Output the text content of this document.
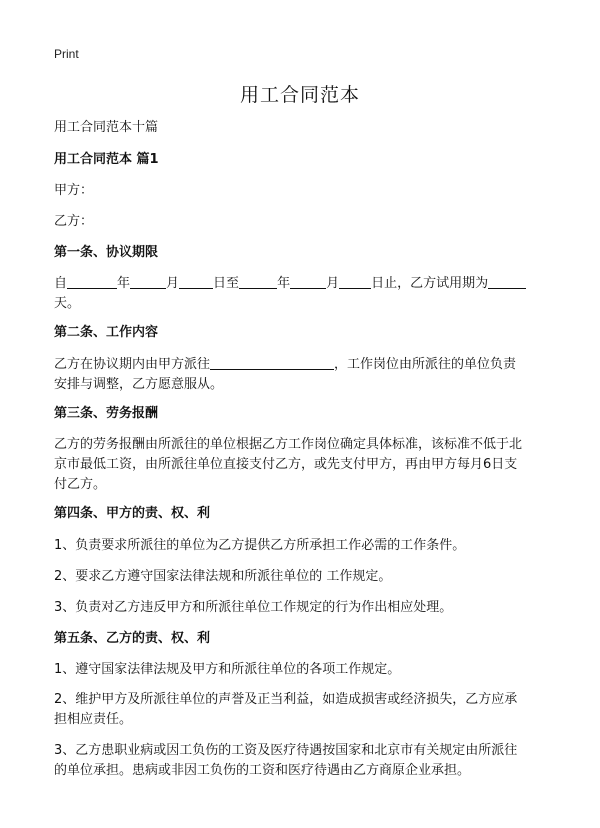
Print
用工合同范本
用工合同范本十篇
用工合同范本 篇1
甲方：
乙方：
第一条、协议期限
自	年	月	日至	年	月 日止，乙方试用期为
天。
第二条、工作内容
乙方在协议期内由甲方派往	，工作岗位由所派往的单位负责
安排与调整，乙方愿意服从。
第三条、劳务报酬
乙方的劳务报酬由所派往的单位根据乙方工作岗位确定具体标准，该标准不低于北
京市最低工资，由所派往单位直接支付乙方，或先支付甲方，再由甲方每月6日支
付乙方。
第四条、甲方的责、权、利
1、负责要求所派往的单位为乙方提供乙方所承担工作必需的工作条件。
2、要求乙方遵守国家法律法规和所派往单位的 工作规定。
3、负责对乙方违反甲方和所派往单位工作规定的行为作出相应处理。
第五条、乙方的责、权、利
1、遵守国家法律法规及甲方和所派往单位的各项工作规定。
2、维护甲方及所派往单位的声誉及正当利益，如造成损害或经济损失，乙方应承
担相应责任。
3、乙方患职业病或因工负伤的工资及医疗待遇按国家和北京市有关规定由所派往
的单位承担。患病或非因工负伤的工资和医疗待遇由乙方商原企业承担。
